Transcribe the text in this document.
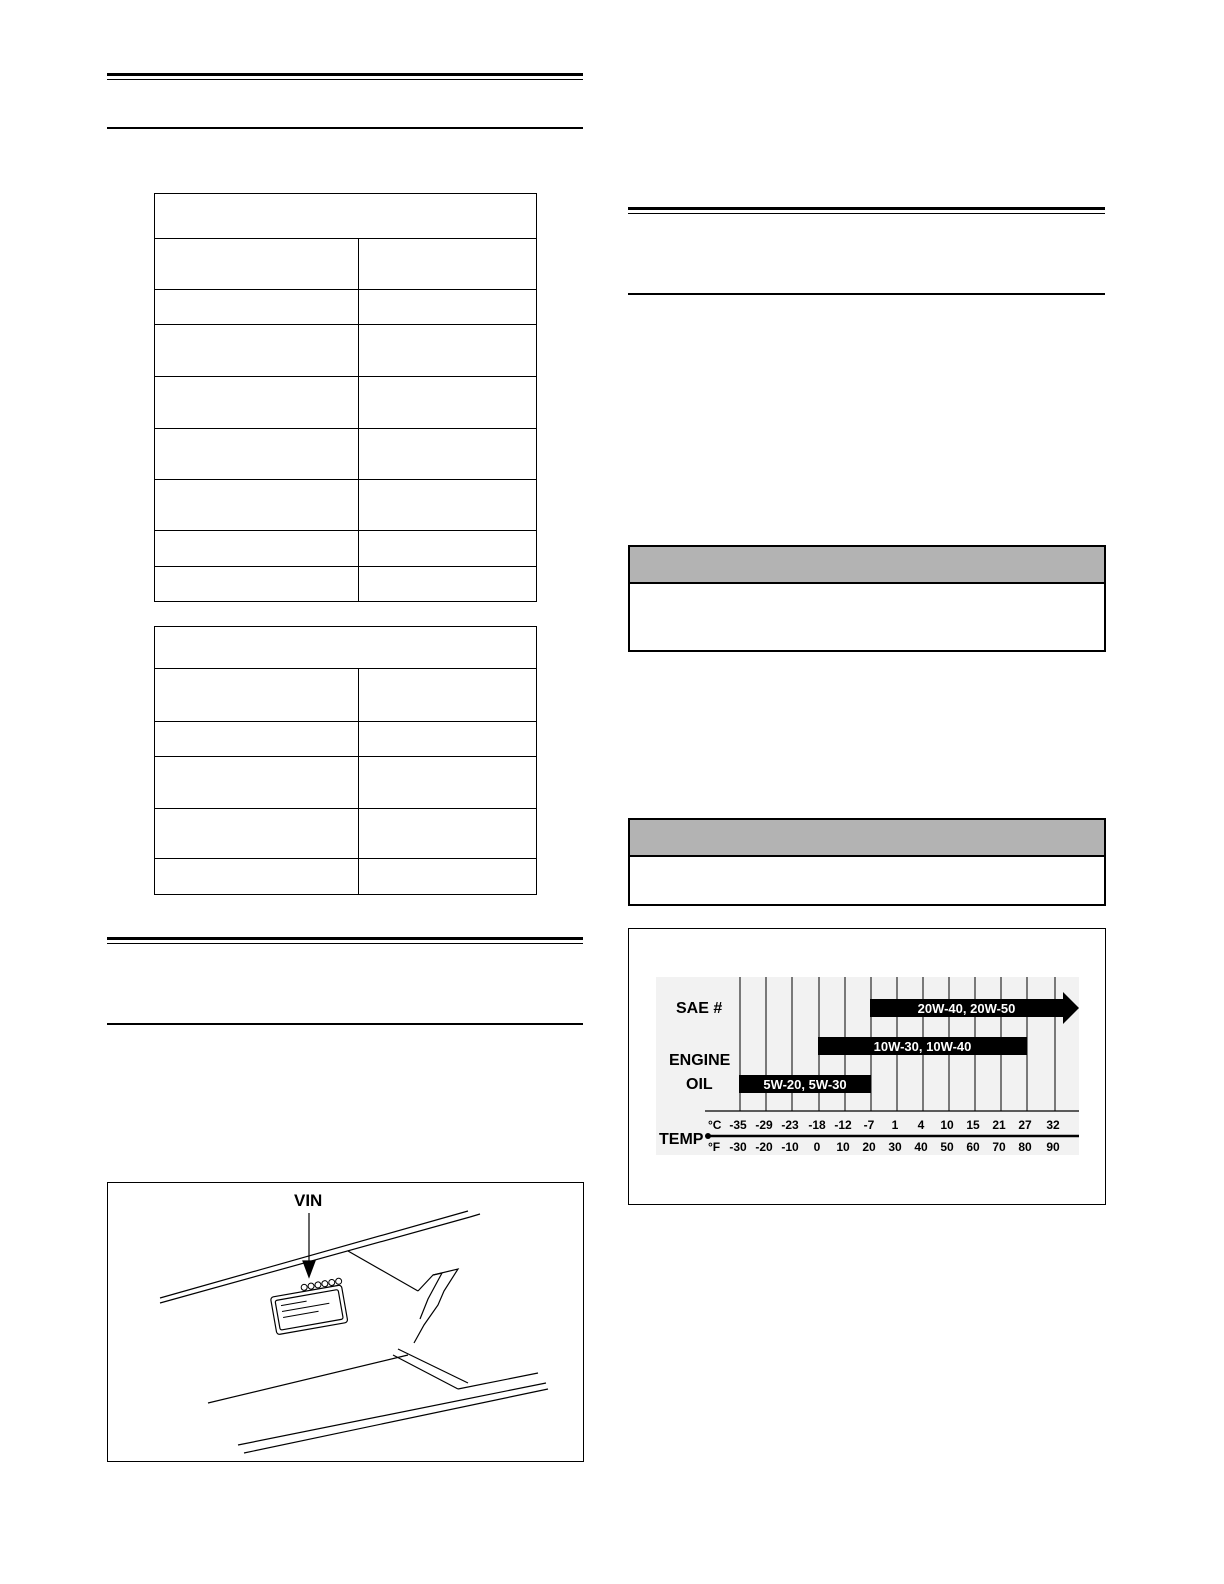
VIN
20W-40, 20W-50
10W-30, 10W-40
5W-20, 5W-30
-35 -29 -23 -18 -12 -7 1 4 10 15 21 27 32
-30 -20 -10 0 10 20 30 40 50 60 70 80 90
SAE #
ENGINE
OIL
TEMP
°C
°F
